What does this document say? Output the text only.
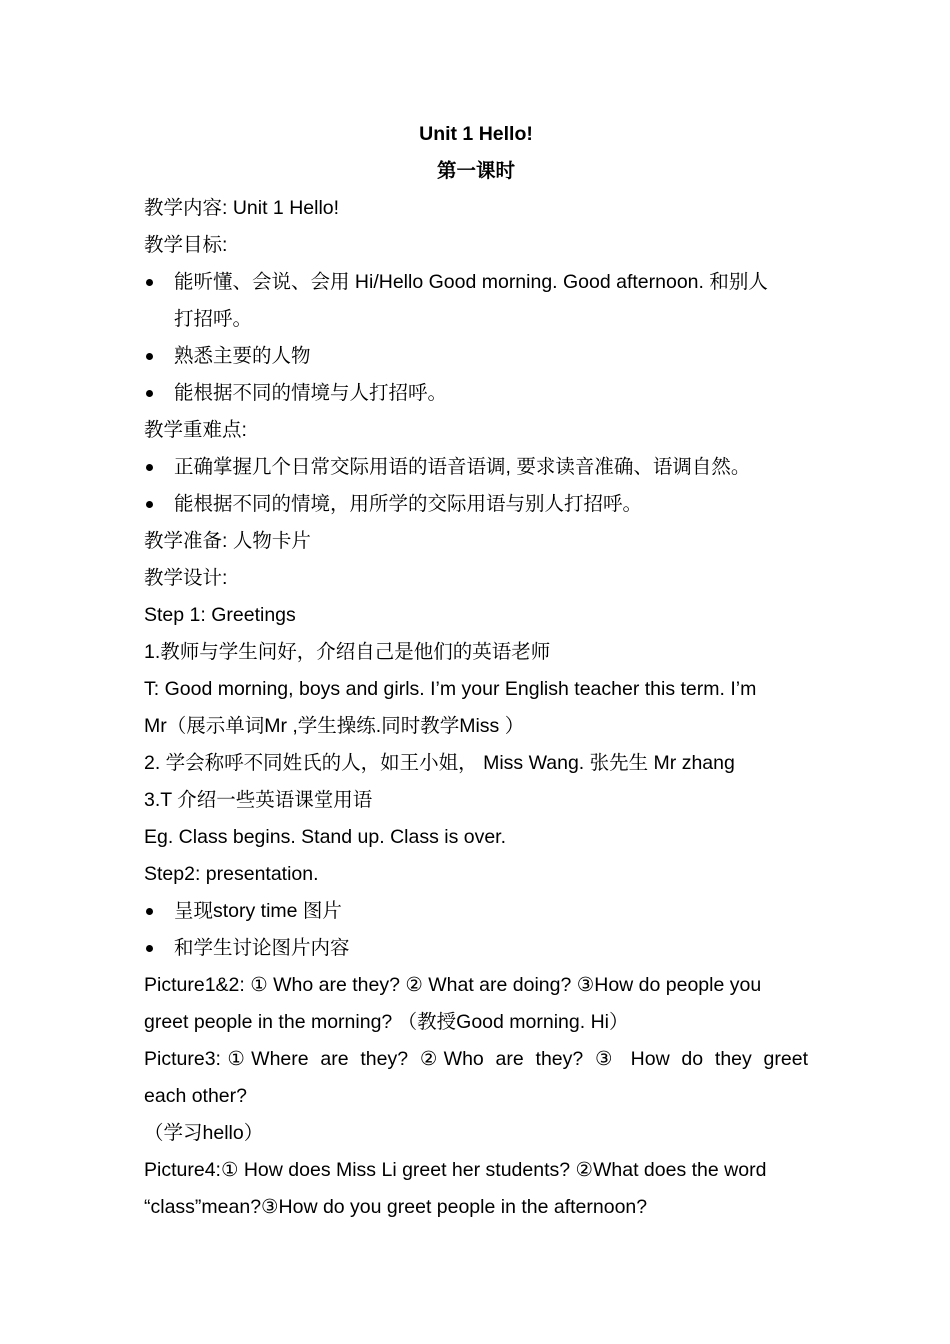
Unit 1 Hello!
第一课时
教学内容: Unit 1 Hello!
教学目标:
能听懂、会说、会用 Hi/Hello Good morning. Good afternoon. 和别人
打招呼。
熟悉主要的人物
能根据不同的情境与人打招呼。
教学重难点:
正确掌握几个日常交际用语的语音语调, 要求读音准确、语调自然。
能根据不同的情境，用所学的交际用语与别人打招呼。
教学准备: 人物卡片
教学设计:
Step 1: Greetings
1.教师与学生问好，介绍自己是他们的英语老师
T: Good morning, boys and girls. I’m your English teacher this term. I’m
Mr（展示单词Mr ,学生操练.同时教学Miss ）
2. 学会称呼不同姓氏的人，如王小姐， Miss Wang. 张先生 Mr zhang
3.T 介绍一些英语课堂用语
Eg. Class begins. Stand up. Class is over.
Step2: presentation.
呈现story time 图片
和学生讨论图片内容
Picture1&2: ① Who are they? ② What are doing? ③How do people you
greet people in the morning? （教授Good morning. Hi）
Picture3:①Where are they? ②Who are they? ③ How do they greet
each other?
（学习hello）
Picture4:① How does Miss Li greet her students? ②What does the word
“class”mean?③How do you greet people in the afternoon?
